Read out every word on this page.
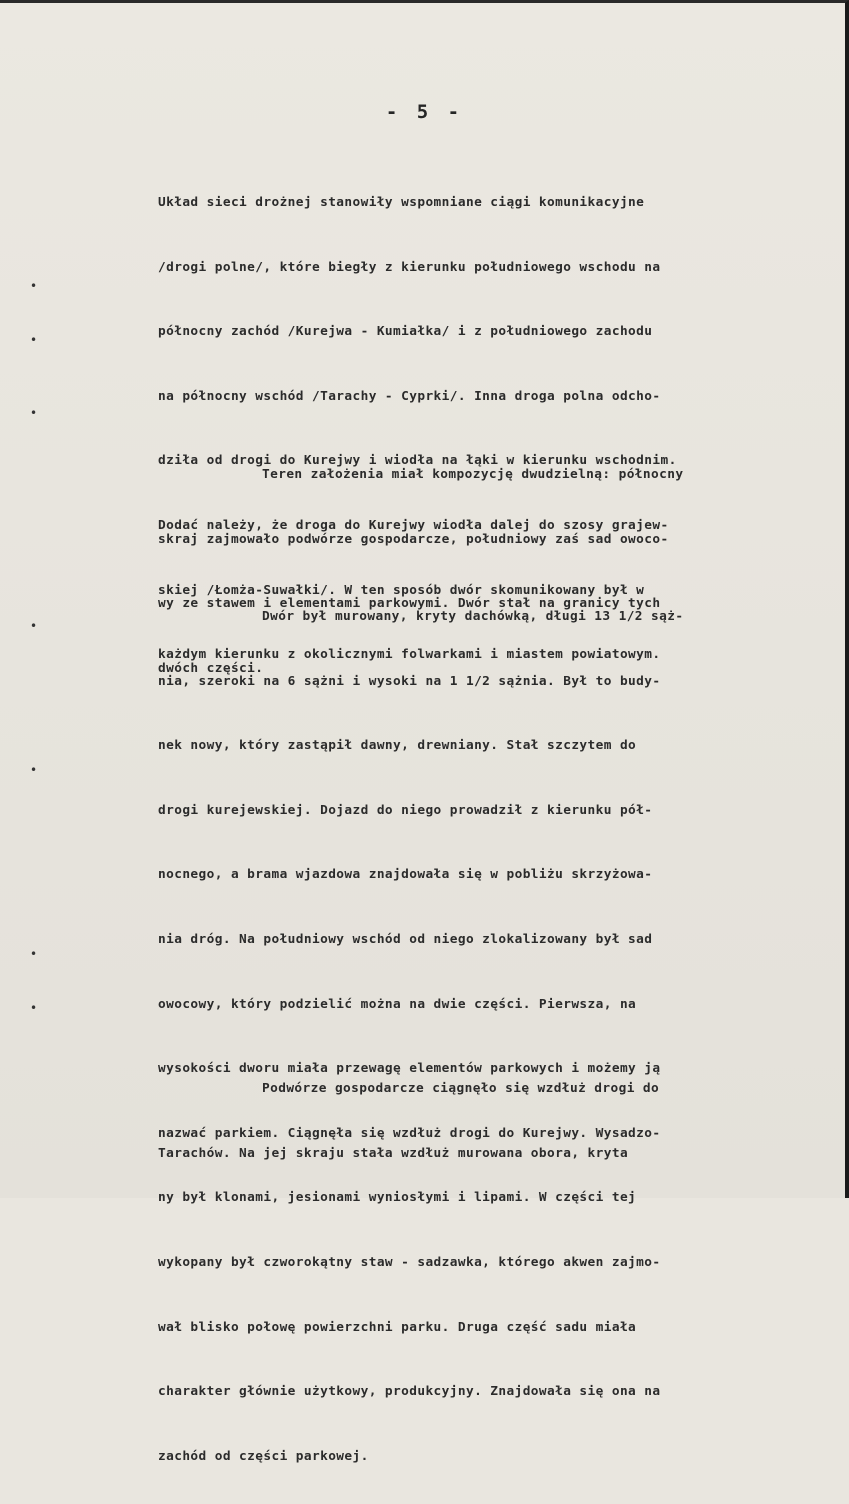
- 5 -
•
•
•
•
•
•
•

Układ sieci drożnej stanowiły wspomniane ciągi komunikacyjne

/drogi polne/, które biegły z kierunku południowego wschodu na

północny zachód /Kurejwa - Kumiałka/ i z południowego zachodu

na północny wschód /Tarachy - Cyprki/. Inna droga polna odcho-

dziła od drogi do Kurejwy i wiodła na łąki w kierunku wschodnim.

Dodać należy, że droga do Kurejwy wiodła dalej do szosy grajew-

skiej /Łomża-Suwałki/. W ten sposób dwór skomunikowany był w

każdym kierunku z okolicznymi folwarkami i miastem powiatowym.

Teren założenia miał kompozycję dwudzielną: północny

skraj zajmowało podwórze gospodarcze, południowy zaś sad owoco-

wy ze stawem i elementami parkowymi. Dwór stał na granicy tych

dwóch części.

Dwór był murowany, kryty dachówką, długi 13 1/2 sąż-

nia, szeroki na 6 sążni i wysoki na 1 1/2 sążnia. Był to budy-

nek nowy, który zastąpił dawny, drewniany. Stał szczytem do

drogi kurejewskiej. Dojazd do niego prowadził z kierunku pół-

nocnego, a brama wjazdowa znajdowała się w pobliżu skrzyżowa-

nia dróg. Na południowy wschód od niego zlokalizowany był sad

owocowy, który podzielić można na dwie części. Pierwsza, na

wysokości dworu miała przewagę elementów parkowych i możemy ją

nazwać parkiem. Ciągnęła się wzdłuż drogi do Kurejwy. Wysadzo-

ny był klonami, jesionami wyniosłymi i lipami. W części tej

wykopany był czworokątny staw - sadzawka, którego akwen zajmo-

wał blisko połowę powierzchni parku. Druga część sadu miała

charakter głównie użytkowy, produkcyjny. Znajdowała się ona na

zachód od części parkowej.

Podwórze gospodarcze ciągnęło się wzdłuż drogi do

Tarachów. Na jej skraju stała wzdłuż murowana obora, kryta
